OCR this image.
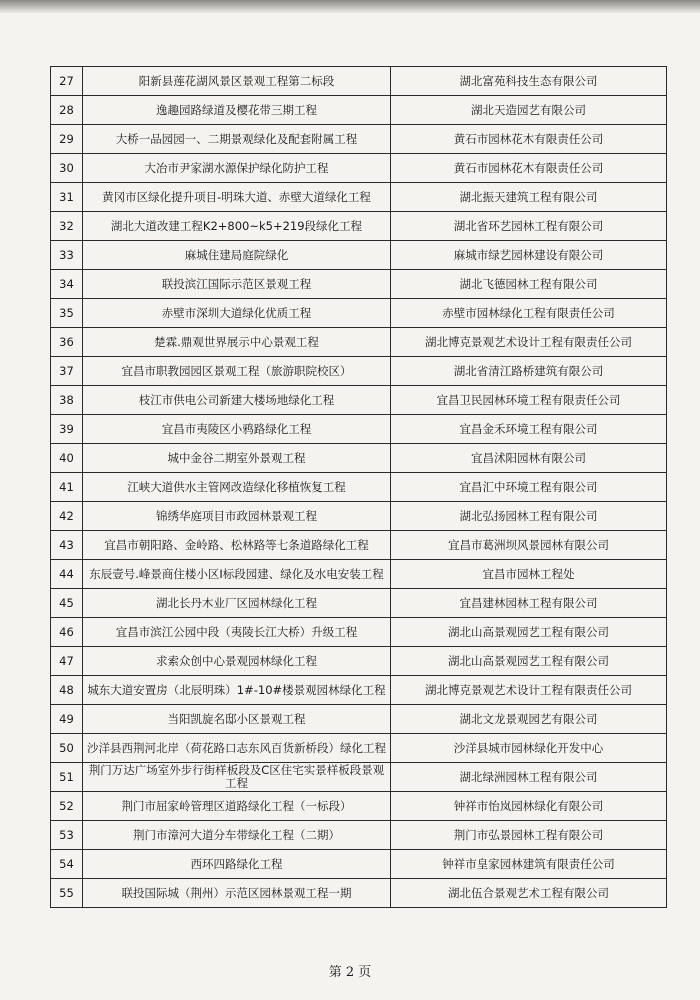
27	阳新县莲花湖风景区景观工程第二标段	湖北富苑科技生态有限公司
28	逸趣园路绿道及樱花带三期工程	湖北天造园艺有限公司
29	大桥一品园园一、二期景观绿化及配套附属工程	黄石市园林花木有限责任公司
30	大冶市尹家湖水源保护绿化防护工程	黄石市园林花木有限责任公司
31	黄冈市区绿化提升项目-明珠大道、赤壁大道绿化工程	湖北振天建筑工程有限公司
32	湖北大道改建工程K2+800~k5+219段绿化工程	湖北省环艺园林工程有限公司
33	麻城住建局庭院绿化	麻城市绿艺园林建设有限公司
34	联投滨江国际示范区景观工程	湖北飞德园林工程有限公司
35	赤壁市深圳大道绿化优质工程	赤壁市园林绿化工程有限责任公司
36	楚霖.鼎观世界展示中心景观工程	湖北博克景观艺术设计工程有限责任公司
37	宜昌市职教园园区景观工程（旅游职院校区）	湖北省清江路桥建筑有限公司
38	枝江市供电公司新建大楼场地绿化工程	宜昌卫民园林环境工程有限责任公司
39	宜昌市夷陵区小鸦路绿化工程	宜昌金禾环境工程有限公司
40	城中金谷二期室外景观工程	宜昌沭阳园林有限公司
41	江峡大道供水主管网改造绿化移植恢复工程	宜昌汇中环境工程有限公司
42	锦绣华庭项目市政园林景观工程	湖北弘扬园林工程有限公司
43	宜昌市朝阳路、金岭路、松林路等七条道路绿化工程	宜昌市葛洲坝风景园林有限公司
44	东辰壹号.峰景商住楼小区I标段园建、绿化及水电安装工程	宜昌市园林工程处
45	湖北长丹木业厂区园林绿化工程	宜昌建林园林工程有限公司
46	宜昌市滨江公园中段（夷陵长江大桥）升级工程	湖北山高景观园艺工程有限公司
47	求索众创中心景观园林绿化工程	湖北山高景观园艺工程有限公司
48	城东大道安置房（北辰明珠）1#-10#楼景观园林绿化工程	湖北博克景观艺术设计工程有限责任公司
49	当阳凯旋名邸小区景观工程	湖北文龙景观园艺有限公司
50	沙洋县西荆河北岸（荷花路口志东风百货新桥段）绿化工程	沙洋县城市园林绿化开发中心
51	荆门万达广场室外步行街样板段及C区住宅实景样板段景观工程	湖北绿洲园林工程有限公司
52	荆门市屈家岭管理区道路绿化工程（一标段）	钟祥市怡岚园林绿化有限公司
53	荆门市漳河大道分车带绿化工程（二期）	荆门市弘景园林工程有限公司
54	西环四路绿化工程	钟祥市皇家园林建筑有限责任公司
55	联投国际城（荆州）示范区园林景观工程一期	湖北伍合景观艺术工程有限公司
第 2 页
